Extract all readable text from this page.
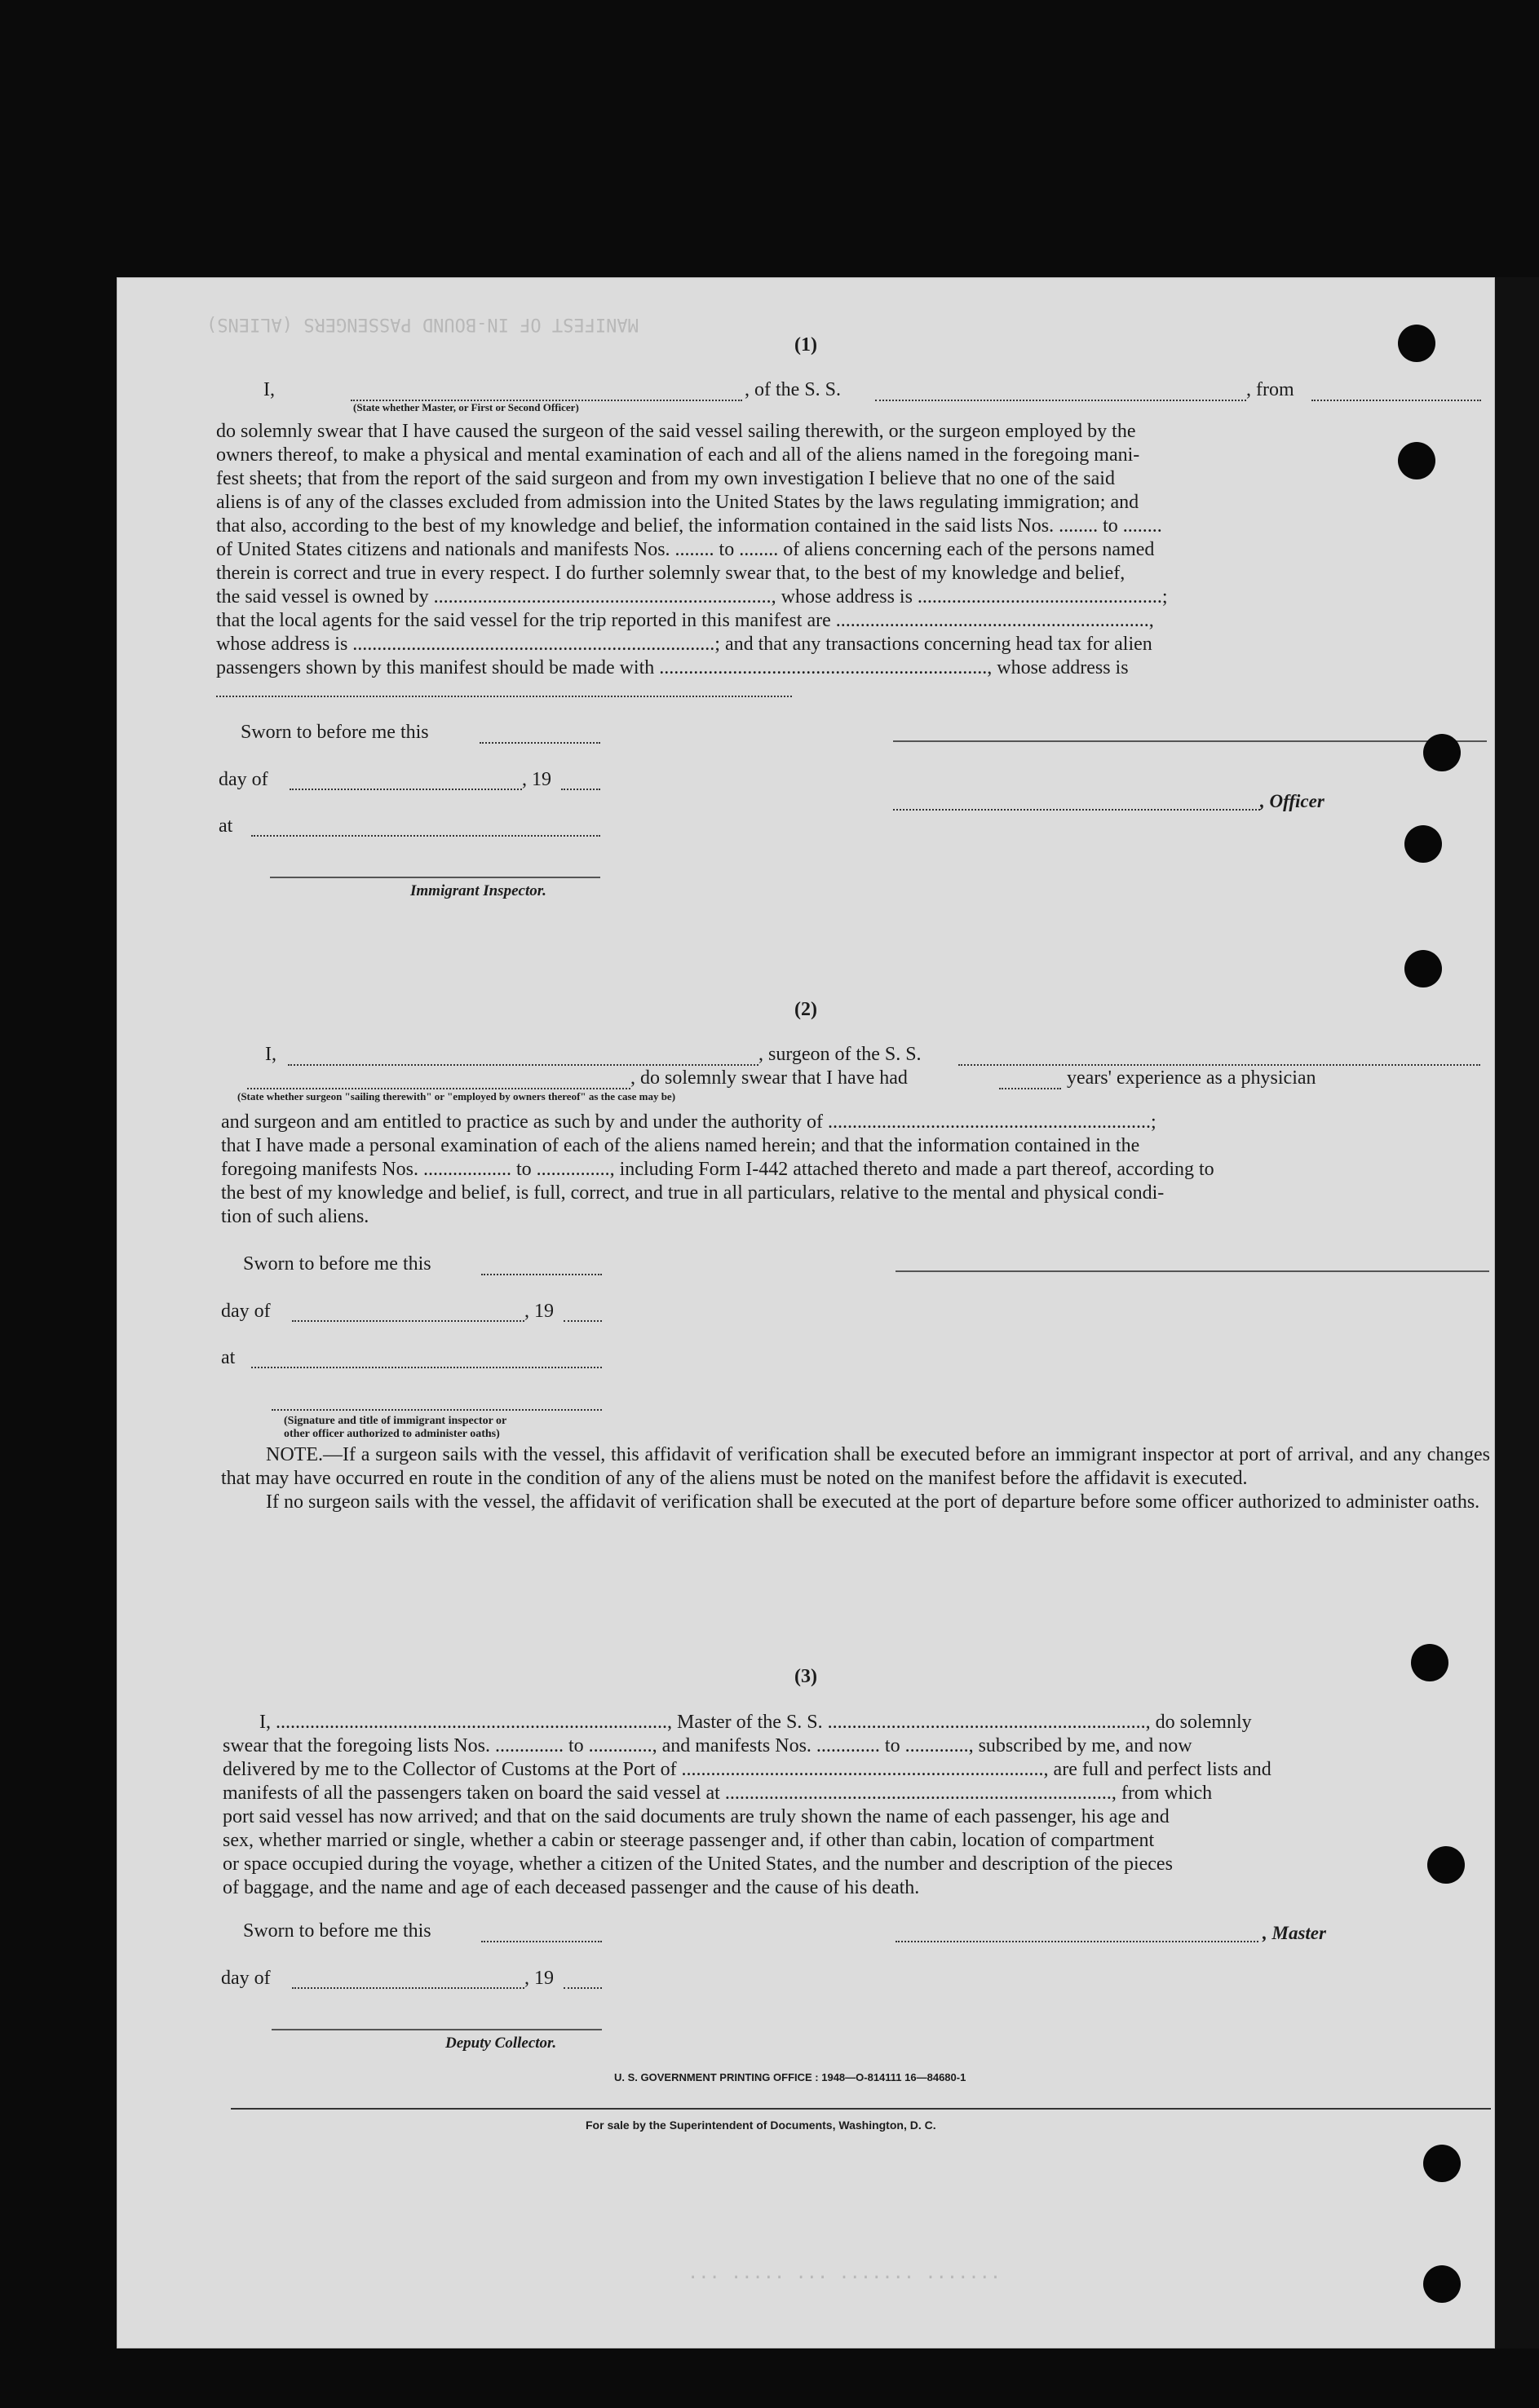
MANIFEST OF IN-BOUND PASSENGERS (ALIENS)
(1)
I,	, of the S. S.	, from
(State whether Master, or First or Second Officer)

do solemnly swear that I have caused the surgeon of the said vessel sailing therewith, or the surgeon employed by the

owners thereof, to make a physical and mental examination of each and all of the aliens named in the foregoing mani-

fest sheets; that from the report of the said surgeon and from my own investigation I believe that no one of the said

aliens is of any of the classes excluded from admission into the United States by the laws regulating immigration; and

that also, according to the best of my knowledge and belief, the information contained in the said lists Nos. ........ to ........

of United States citizens and nationals and manifests Nos. ........ to ........ of aliens concerning each of the persons named

therein is correct and true in every respect. I do further solemnly swear that, to the best of my knowledge and belief,

the said vessel is owned by ....................................................................., whose address is ..................................................;

that the local agents for the said vessel for the trip reported in this manifest are ................................................................,

whose address is ..........................................................................; and that any transactions concerning head tax for alien

passengers shown by this manifest should be made with ..................................................................., whose address is

Sworn to before me this
day of	, 19
, Officer
at
Immigrant Inspector.
(2)
I,	, surgeon of the S. S.
, do solemnly swear that I have had	years' experience as a physician
(State whether surgeon "sailing therewith" or "employed by owners thereof" as the case may be)

and surgeon and am entitled to practice as such by and under the authority of ..................................................................;

that I have made a personal examination of each of the aliens named herein; and that the information contained in the

foregoing manifests Nos. .................. to ..............., including Form I-442 attached thereto and made a part thereof, according to

the best of my knowledge and belief, is full, correct, and true in all particulars, relative to the mental and physical condi-

tion of such aliens.

Sworn to before me this
day of	, 19
at
(Signature and title of immigrant inspector or
other officer authorized to administer oaths)

NOTE.—If a surgeon sails with the vessel, this affidavit of verification shall be executed before an immigrant inspector at port of arrival, and any changes that may have occurred en route in the condition of any of the aliens must be noted on the manifest before the affidavit is executed.

If no surgeon sails with the vessel, the affidavit of verification shall be executed at the port of departure before some officer authorized to administer oaths.

(3)

I, ................................................................................, Master of the S. S. ................................................................., do solemnly

swear that the foregoing lists Nos. .............. to ............., and manifests Nos. ............. to ............., subscribed by me, and now

delivered by me to the Collector of Customs at the Port of .........................................................................., are full and perfect lists and

manifests of all the passengers taken on board the said vessel at ..............................................................................., from which

port said vessel has now arrived; and that on the said documents are truly shown the name of each passenger, his age and

sex, whether married or single, whether a cabin or steerage passenger and, if other than cabin, location of compartment

or space occupied during the voyage, whether a citizen of the United States, and the number and description of the pieces

of baggage, and the name and age of each deceased passenger and the cause of his death.

Sworn to before me this	, Master
day of	, 19
Deputy Collector.
U. S. GOVERNMENT PRINTING OFFICE : 1948—O-814111 16—84680-1
For sale by the Superintendent of Documents, Washington, D. C.
... ..... ... ....... .......
